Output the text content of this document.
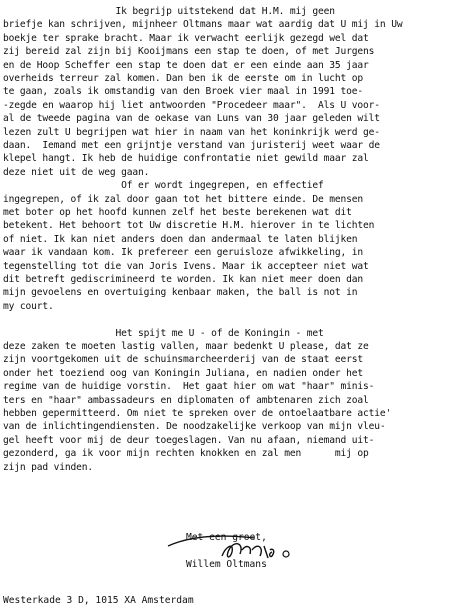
Ik begrijp uitstekend dat H.M. mij geen
briefje kan schrijven, mijnheer Oltmans maar wat aardig dat U mij in Uw
boekje ter sprake bracht. Maar ik verwacht eerlijk gezegd wel dat
zij bereid zal zijn bij Kooijmans een stap te doen, of met Jurgens
en de Hoop Scheffer een stap te doen dat er een einde aan 35 jaar
overheids terreur zal komen. Dan ben ik de eerste om in lucht op
te gaan, zoals ik omstandig van den Broek vier maal in 1991 toe-
-zegde en waarop hij liet antwoorden "Procedeer maar".  Als U voor-
al de tweede pagina van de oekase van Luns van 30 jaar geleden wilt
lezen zult U begrijpen wat hier in naam van het koninkrijk werd ge-
daan.  Iemand met een grijntje verstand van juristerij weet waar de
klepel hangt. Ik heb de huidige confrontatie niet gewild maar zal
deze niet uit de weg gaan.
Of er wordt ingegrepen, en effectief
ingegrepen, of ik zal door gaan tot het bittere einde. De mensen
met boter op het hoofd kunnen zelf het beste berekenen wat dit
betekent. Het behoort tot Uw discretie H.M. hierover in te lichten
of niet. Ik kan niet anders doen dan andermaal te laten blijken
waar ik vandaan kom. Ik prefereer een geruisloze afwikkeling, in
tegenstelling tot die van Joris Ivens. Maar ik accepteer niet wat
dit betreft gediscrimineerd te worden. Ik kan niet meer doen dan
mijn gevoelens en overtuiging kenbaar maken, the ball is not in
my court.
Het spijt me U - of de Koningin - met
deze zaken te moeten lastig vallen, maar bedenkt U please, dat ze
zijn voortgekomen uit de schuinsmarcheerderij van de staat eerst
onder het toeziend oog van Koningin Juliana, en nadien onder het
regime van de huidige vorstin.  Het gaat hier om wat "haar" minis-
ters en "haar" ambassadeurs en diplomaten of ambtenaren zich zoal
hebben gepermitteerd. Om niet te spreken over de ontoelaatbare actie'
van de inlichtingendiensten. De noodzakelijke verkoop van mijn vleu-
gel heeft voor mij de deur toegeslagen. Van nu afaan, niemand uit-
gezonderd, ga ik voor mijn rechten knokken en zal men      mij op
zijn pad vinden.
Met een groet,
Willem Oltmans
Westerkade 3 D, 1015 XA Amsterdam
